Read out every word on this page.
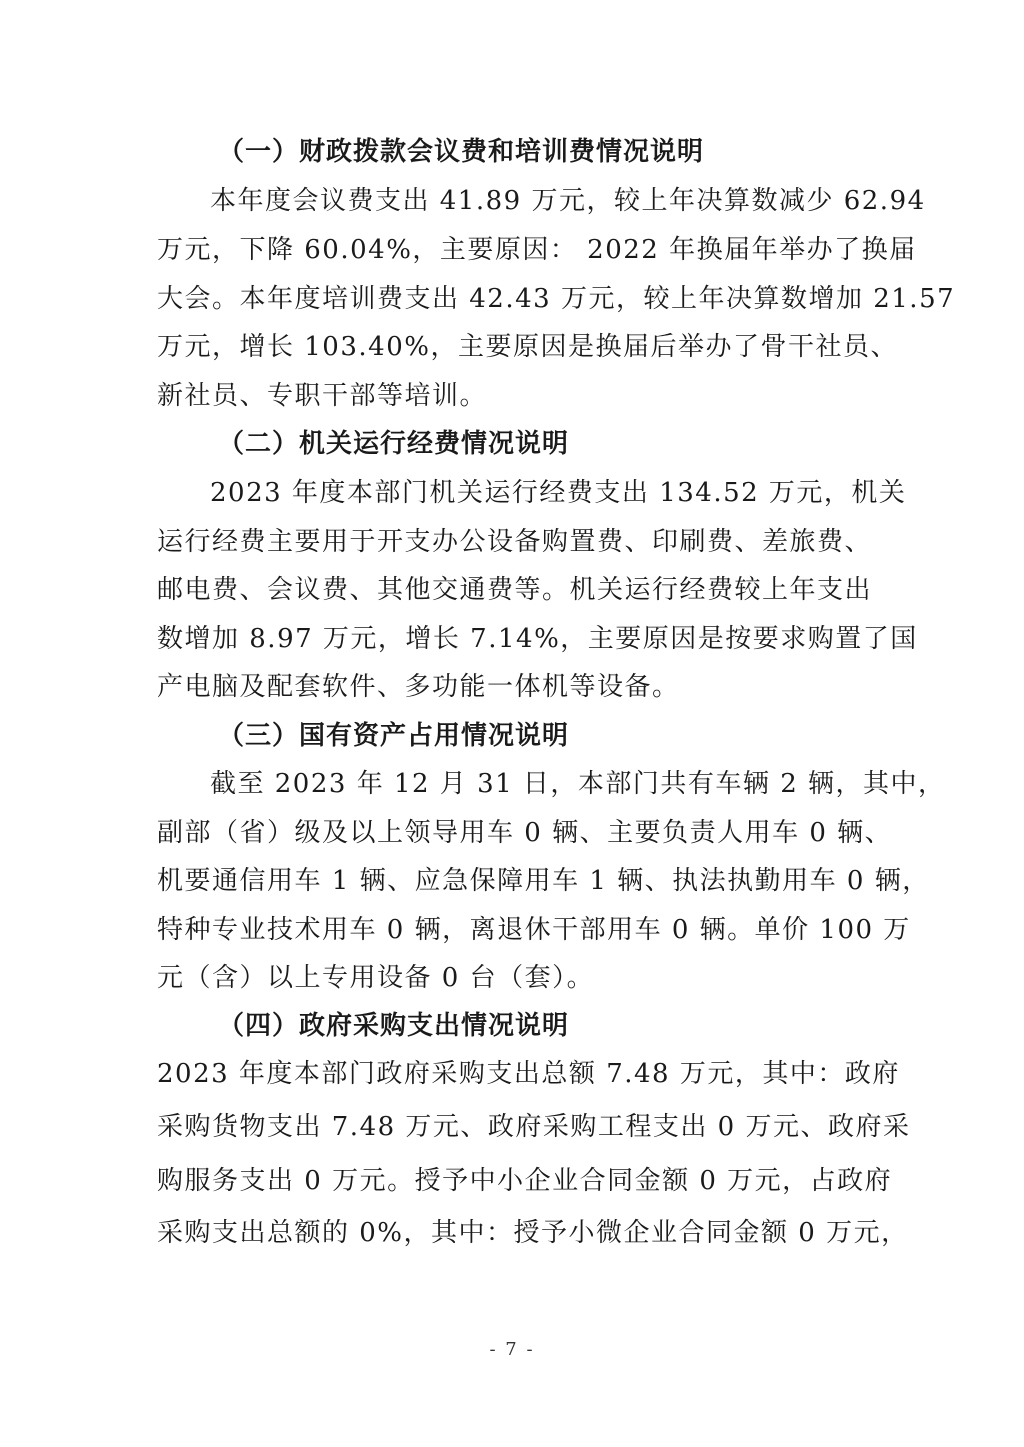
（一）财政拨款会议费和培训费情况说明
本年度会议费支出 41.89 万元，较上年决算数减少 62.94
万元，下降 60.04%，主要原因： 2022 年换届年举办了换届
大会。本年度培训费支出 42.43 万元，较上年决算数增加 21.57
万元，增长 103.40%，主要原因是换届后举办了骨干社员、
新社员、专职干部等培训。
（二）机关运行经费情况说明
2023 年度本部门机关运行经费支出 134.52 万元，机关
运行经费主要用于开支办公设备购置费、印刷费、差旅费、
邮电费、会议费、其他交通费等。机关运行经费较上年支出
数增加 8.97 万元，增长 7.14%，主要原因是按要求购置了国
产电脑及配套软件、多功能一体机等设备。
（三）国有资产占用情况说明
截至 2023 年 12 月 31 日，本部门共有车辆 2 辆，其中，
副部（省）级及以上领导用车 0 辆、主要负责人用车 0 辆、
机要通信用车 1 辆、应急保障用车 1 辆、执法执勤用车 0 辆，
特种专业技术用车 0 辆，离退休干部用车 0 辆。单价 100 万
元（含）以上专用设备 0 台（套）。
（四）政府采购支出情况说明
2023 年度本部门政府采购支出总额 7.48 万元，其中：政府
采购货物支出 7.48 万元、政府采购工程支出 0 万元、政府采
购服务支出 0 万元。授予中小企业合同金额 0 万元，占政府
采购支出总额的 0%，其中：授予小微企业合同金额 0 万元，
- 7 -
